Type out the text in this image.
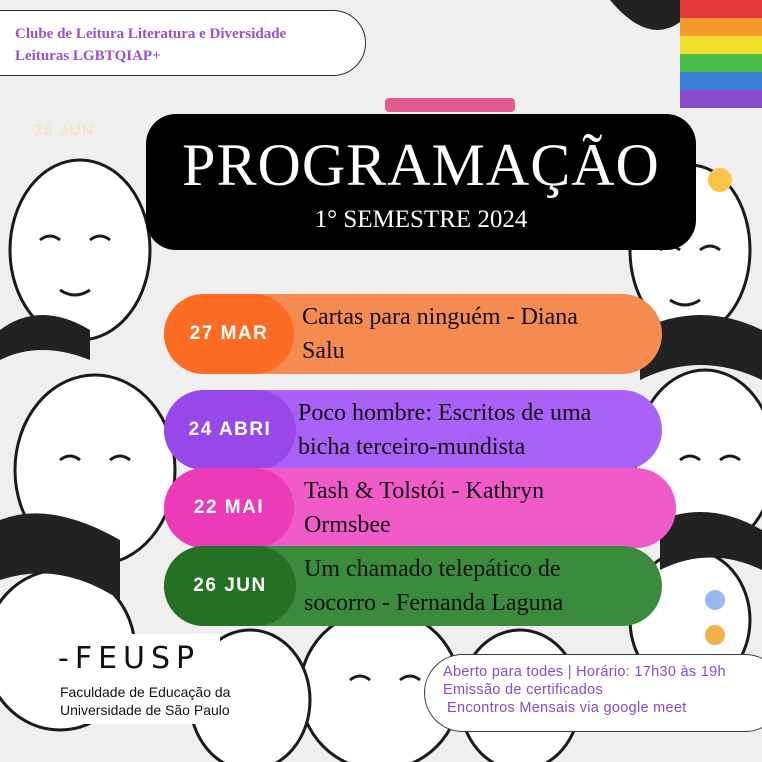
Clube de Leitura Literatura e Diversidade
Leituras LGBTQIAP+
26 JUN
PROGRAMAÇÃO
1° SEMESTRE 2024
27 MAR
Cartas para ninguém - Diana
Salu
24 ABRI
Poco hombre: Escritos de uma
bicha terceiro-mundista
22 MAI
Tash & Tolstói - Kathryn
Ormsbee
26 JUN
Um chamado telepático de
socorro - Fernanda Laguna
-FEUSP
Faculdade de Educação da
Universidade de São Paulo
Aberto para todes | Horário: 17h30 às 19h
Emissão de certificados
Encontros Mensais via google meet
